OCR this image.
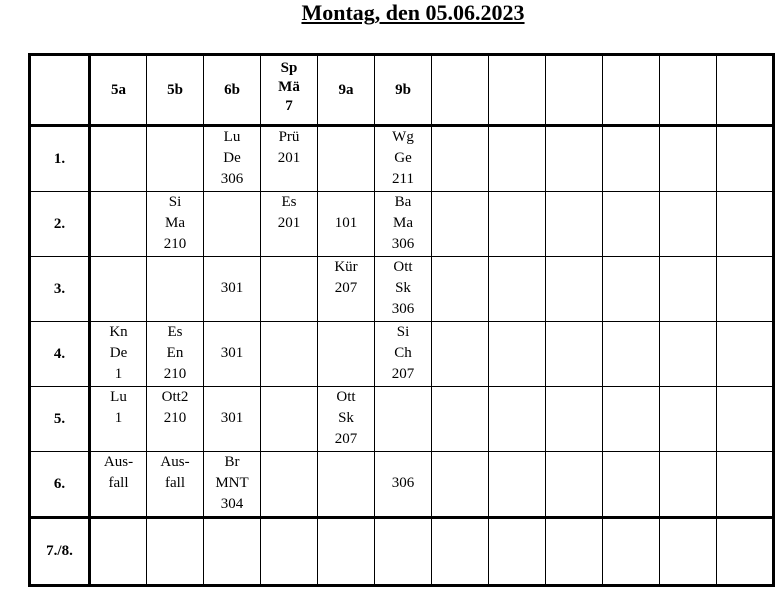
Montag, den 05.06.2023

	5a	5b	6b	Sp
Mä
7	9a	9b						

1.			Lu
De
306	Prü
201		Wg
Ge
211						

2.		Si
Ma
210		Es
201	101	Ba
Ma
306						

3.			301		Kür
207	Ott
Sk
306						

4.	Kn
De
1	Es
En
210	301			Si
Ch
207						

5.	Lu
1	Ott2
210	301		Ott
Sk
207							

6.	Aus-
fall	Aus-
fall	Br
MNT
304			306						

7./8.												
